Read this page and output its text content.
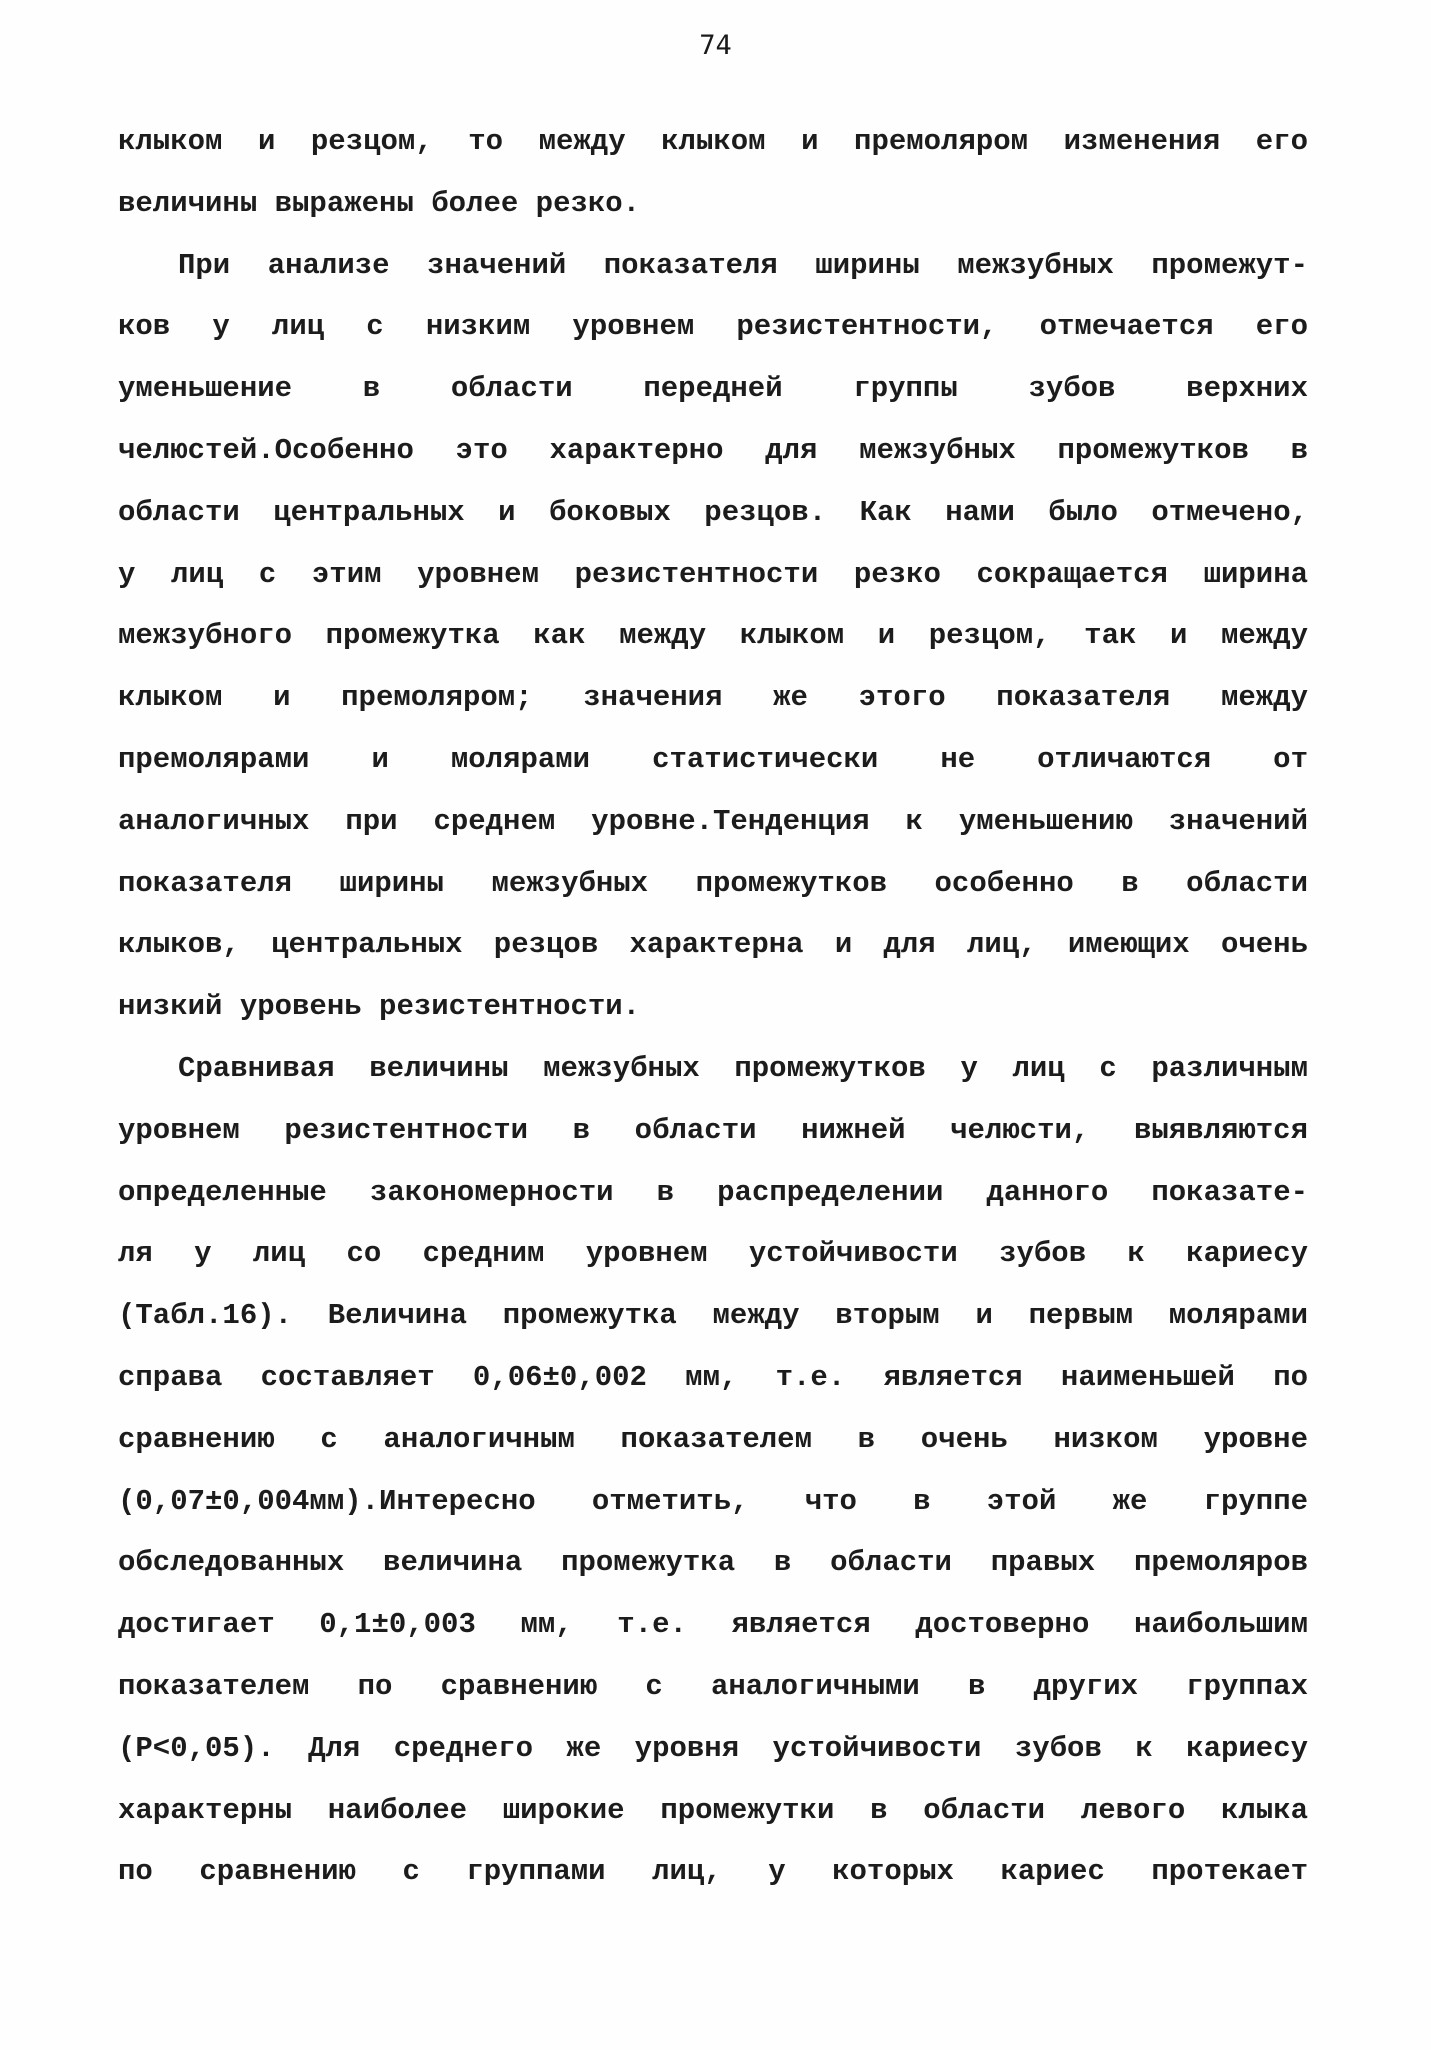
74
клыком и резцом, то между клыком и премоляром изменения его
величины выражены более резко.
При анализе значений показателя ширины межзубных промежут-
ков у лиц с низким уровнем резистентности, отмечается его
уменьшение в области передней группы зубов верхних
челюстей.Особенно это характерно для межзубных промежутков в
области центральных и боковых резцов. Как нами было отмечено,
у лиц с этим уровнем резистентности резко сокращается ширина
межзубного промежутка как между клыком и резцом, так и между
клыком и премоляром; значения же этого показателя между
премолярами и молярами статистически не отличаются от
аналогичных при среднем уровне.Тенденция к уменьшению значений
показателя ширины межзубных промежутков особенно в области
клыков, центральных резцов характерна и для лиц, имеющих очень
низкий уровень резистентности.
Сравнивая величины межзубных промежутков у лиц с различным
уровнем резистентности в области нижней челюсти, выявляются
определенные закономерности в распределении данного показате-
ля у лиц со средним уровнем устойчивости зубов к кариесу
(Табл.16). Величина промежутка между вторым и первым молярами
справа составляет 0,06±0,002 мм, т.е. является наименьшей по
сравнению с аналогичным показателем в очень низком уровне
(0,07±0,004мм).Интересно отметить, что в этой же группе
обследованных величина промежутка в области правых премоляров
достигает 0,1±0,003 мм, т.е. является достоверно наибольшим
показателем по сравнению с аналогичными в других группах
(Р<0,05). Для среднего же уровня устойчивости зубов к кариесу
характерны наиболее широкие промежутки в области левого клыка
по сравнению с группами лиц, у которых кариес протекает
